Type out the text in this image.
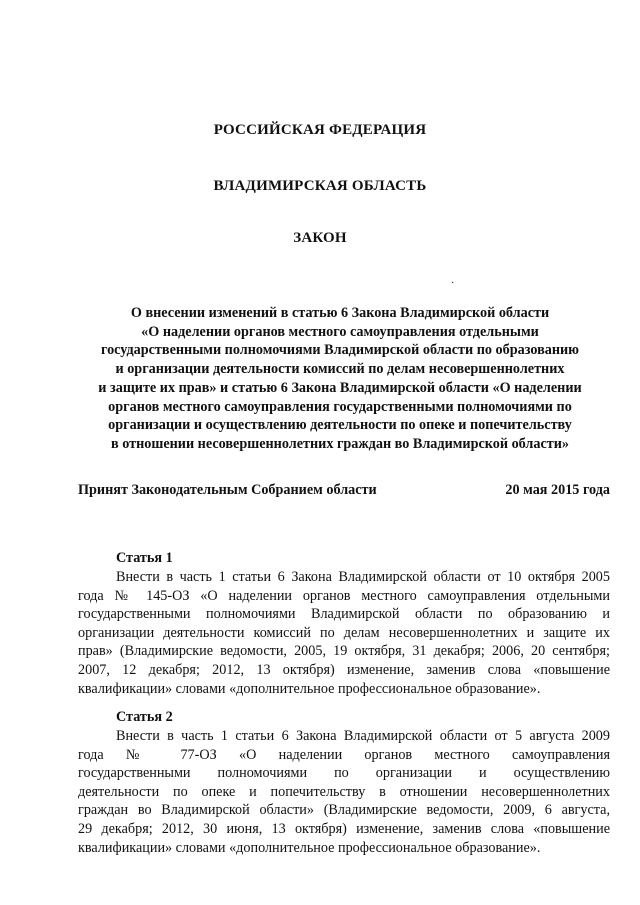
РОССИЙСКАЯ ФЕДЕРАЦИЯ
ВЛАДИМИРСКАЯ ОБЛАСТЬ
ЗАКОН
·
О внесении изменений в статью 6 Закона Владимирской области
«О наделении органов местного самоуправления отдельными
государственными полномочиями Владимирской области по образованию
и организации деятельности комиссий по делам несовершеннолетних
и защите их прав» и статью 6 Закона Владимирской области «О наделении
органов местного самоуправления государственными полномочиями по
организации и осуществлению деятельности по опеке и попечительству
в отношении несовершеннолетних граждан во Владимирской области»
Принят Законодательным Собранием области	20 мая 2015 года
Статья 1
Внести в часть 1 статьи 6 Закона Владимирской области от 10 октября 2005
года № 145-ОЗ «О наделении органов местного самоуправления отдельными
государственными полномочиями Владимирской области по образованию и
организации деятельности комиссий по делам несовершеннолетних и защите их
прав» (Владимирские ведомости, 2005, 19 октября, 31 декабря; 2006, 20 сентября;
2007, 12 декабря; 2012, 13 октября) изменение, заменив слова «повышение
квалификации» словами «дополнительное профессиональное образование».
Статья 2
Внести в часть 1 статьи 6 Закона Владимирской области от 5 августа 2009
года № 77-ОЗ «О наделении органов местного самоуправления
государственными полномочиями по организации и осуществлению
деятельности по опеке и попечительству в отношении несовершеннолетних
граждан во Владимирской области» (Владимирские ведомости, 2009, 6 августа,
29 декабря; 2012, 30 июня, 13 октября) изменение, заменив слова «повышение
квалификации» словами «дополнительное профессиональное образование».
